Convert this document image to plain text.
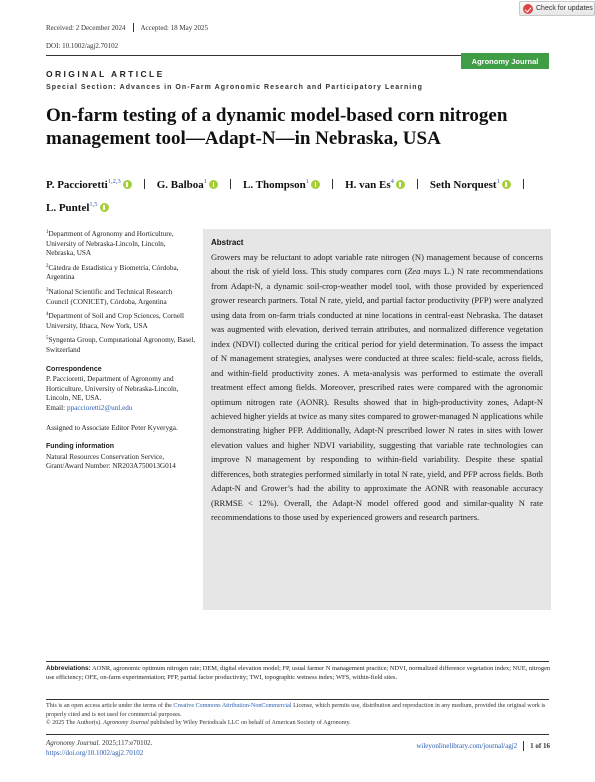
Check for updates
Received: 2 December 2024 Accepted: 18 May 2025
DOI: 10.1002/agj2.70102
Agronomy Journal
ORIGINAL ARTICLE
Special Section: Advances in On-Farm Agronomic Research and Participatory Learning
On-farm testing of a dynamic model-based corn nitrogen management tool—Adapt-N—in Nebraska, USA
P. Paccioretti$^{1,2,3}$	G. Balboa$^1$	L. Thompson$^1$	H. van Es$^4$	Seth Norquest$^1$
L. Puntel$^{1,5}$
$^1$Department of Agronomy and Horticulture, University of Nebraska-Lincoln, Lincoln, Nebraska, USA
$^2$Cátedra de Estadística y Biometría, Córdoba, Argentina
$^3$National Scientific and Technical Research Council (CONICET), Córdoba, Argentina
$^4$Department of Soil and Crop Sciences, Cornell University, Ithaca, New York, USA
$^5$Syngenta Group, Computational Agronomy, Basel, Switzerland
Correspondence
P. Paccioretti, Department of Agronomy and Horticulture, University of Nebraska-Lincoln, Lincoln, NE, USA.
Email: ppaccioretti2@unl.edu
Assigned to Associate Editor Peter Kyveryga.
Funding information
Natural Resources Conservation Service, Grant/Award Number: NR203A750013G014
Abstract

Growers may be reluctant to adopt variable rate nitrogen (N) management because of concerns about the risk of yield loss. This study compares corn (Zea mays L.) N rate recommendations from Adapt-N, a dynamic soil-crop-weather model tool, with those provided by experienced grower research partners. Total N rate, yield, and partial factor productivity (PFP) were analyzed using data from on-farm trials conducted at nine locations in central-east Nebraska. The dataset was augmented with elevation, derived terrain attributes, and normalized difference vegetation index (NDVI) collected during the critical period for yield determination. To assess the impact of N management strategies, analyses were conducted at three scales: field-scale, across fields, and within-field productivity zones. A meta-analysis was performed to estimate the overall treatment effect among fields. Moreover, prescribed rates were compared with the agronomic optimum nitrogen rate (AONR). Results showed that in high-productivity zones, Adapt-N achieved higher yields at twice as many sites compared to grower-managed N applications while demonstrating higher PFP. Additionally, Adapt-N prescribed lower N rates in sites with lower elevation values and higher NDVI variability, suggesting that variable rate technologies can improve N management by responding to within-field variability. Despite these spatial differences, both strategies performed similarly in total N rate, yield, and PFP across fields. Both Adapt-N and Grower’s had the ability to approximate the AONR with reasonable accuracy (RRMSE < 12%). Overall, the Adapt-N model offered good and similar-quality N rate recommendations to those used by experienced growers and research partners.

Abbreviations: AONR, agronomic optimum nitrogen rate; DEM, digital elevation model; FP, usual farmer N management practice; NDVI, normalized difference vegetation index; NUE, nitrogen use efficiency; OFE, on-farm experimentation; PFP, partial factor productivity; TWI, topographic wetness index; WFS, within-field sites.
This is an open access article under the terms of the Creative Commons Attribution-NonCommercial License, which permits use, distribution and reproduction in any medium, provided the original work is properly cited and is not used for commercial purposes.
© 2025 The Author(s). Agronomy Journal published by Wiley Periodicals LLC on behalf of American Society of Agronomy.
Agronomy Journal. 2025;117:e70102.
https://doi.org/10.1002/agj2.70102
wileyonlinelibrary.com/journal/agj2 1 of 16
